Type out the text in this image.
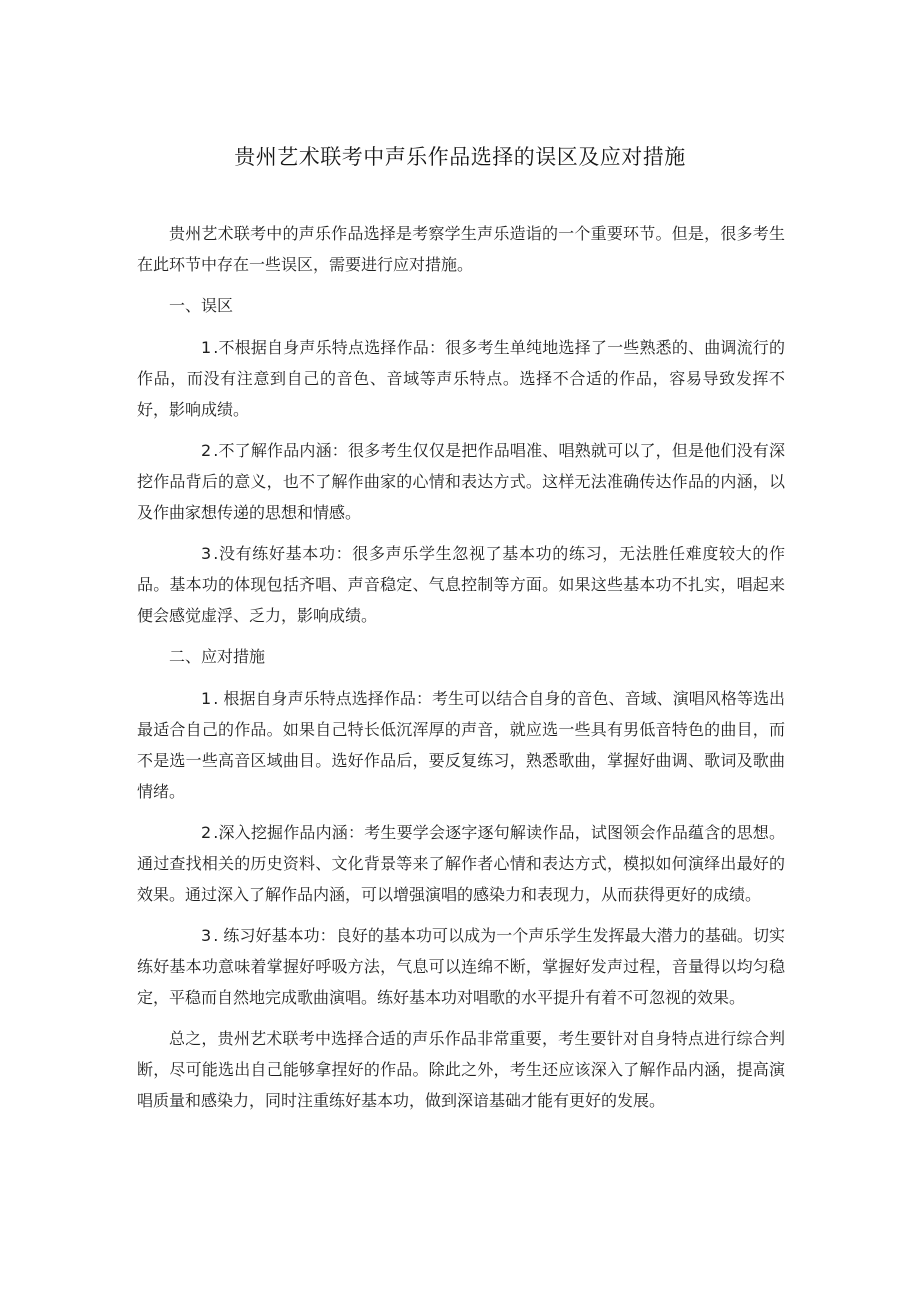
贵州艺术联考中声乐作品选择的误区及应对措施

贵州艺术联考中的声乐作品选择是考察学生声乐造诣的一个重要环节。但是，很多考生在此环节中存在一些误区，需要进行应对措施。

一、误区

1 .不根据自身声乐特点选择作品：很多考生单纯地选择了一些熟悉的、曲调流行的作品，而没有注意到自己的音色、音域等声乐特点。选择不合适的作品，容易导致发挥不好，影响成绩。

2 .不了解作品内涵：很多考生仅仅是把作品唱准、唱熟就可以了，但是他们没有深挖作品背后的意义，也不了解作曲家的心情和表达方式。这样无法准确传达作品的内涵，以及作曲家想传递的思想和情感。

3 .没有练好基本功：很多声乐学生忽视了基本功的练习，无法胜任难度较大的作品。基本功的体现包括齐唱、声音稳定、气息控制等方面。如果这些基本功不扎实，唱起来便会感觉虚浮、乏力，影响成绩。

二、应对措施

1 . 根据自身声乐特点选择作品：考生可以结合自身的音色、音域、演唱风格等选出最适合自己的作品。如果自己特长低沉浑厚的声音，就应选一些具有男低音特色的曲目，而不是选一些高音区域曲目。选好作品后，要反复练习，熟悉歌曲，掌握好曲调、歌词及歌曲情绪。

2 .深入挖掘作品内涵：考生要学会逐字逐句解读作品，试图领会作品蕴含的思想。通过查找相关的历史资料、文化背景等来了解作者心情和表达方式，模拟如何演绎出最好的效果。通过深入了解作品内涵，可以增强演唱的感染力和表现力，从而获得更好的成绩。

3 . 练习好基本功：良好的基本功可以成为一个声乐学生发挥最大潜力的基础。切实练好基本功意味着掌握好呼吸方法，气息可以连绵不断，掌握好发声过程，音量得以均匀稳定，平稳而自然地完成歌曲演唱。练好基本功对唱歌的水平提升有着不可忽视的效果。

总之，贵州艺术联考中选择合适的声乐作品非常重要，考生要针对自身特点进行综合判断，尽可能选出自己能够拿捏好的作品。除此之外，考生还应该深入了解作品内涵，提高演唱质量和感染力，同时注重练好基本功，做到深谙基础才能有更好的发展。
